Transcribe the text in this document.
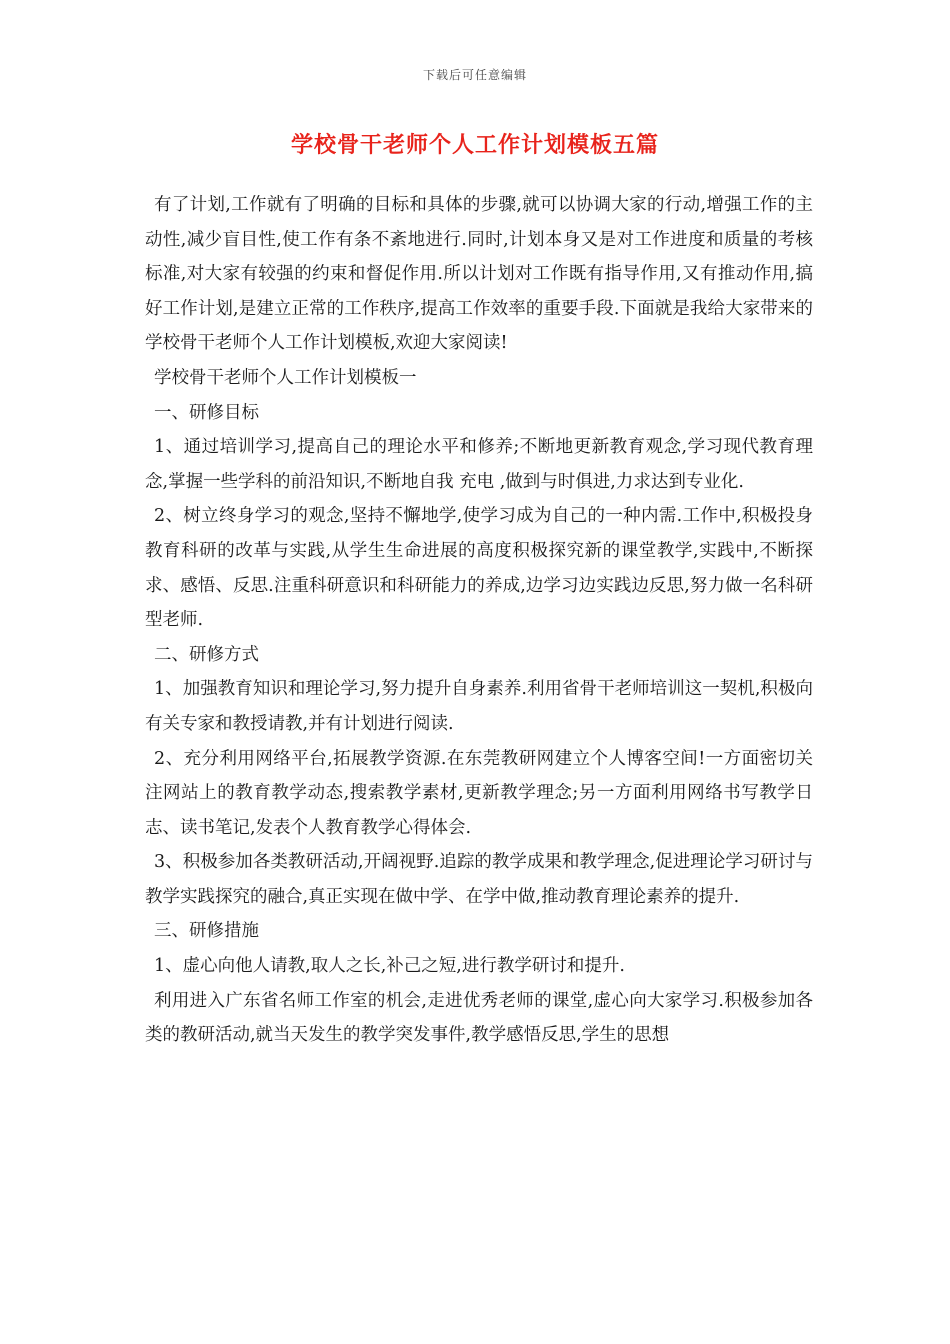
下载后可任意编辑
学校骨干老师个人工作计划模板五篇

有了计划,工作就有了明确的目标和具体的步骤,就可以协调大家的行动,增强工作的主动性,减少盲目性,使工作有条不紊地进行.同时,计划本身又是对工作进度和质量的考核标准,对大家有较强的约束和督促作用.所以计划对工作既有指导作用,又有推动作用,搞好工作计划,是建立正常的工作秩序,提高工作效率的重要手段.下面就是我给大家带来的学校骨干老师个人工作计划模板,欢迎大家阅读!

学校骨干老师个人工作计划模板一

一、研修目标

1、通过培训学习,提高自己的理论水平和修养;不断地更新教育观念,学习现代教育理念,掌握一些学科的前沿知识,不断地自我 充电 ,做到与时俱进,力求达到专业化.

2、树立终身学习的观念,坚持不懈地学,使学习成为自己的一种内需.工作中,积极投身教育科研的改革与实践,从学生生命进展的高度积极探究新的课堂教学,实践中,不断探求、感悟、反思.注重科研意识和科研能力的养成,边学习边实践边反思,努力做一名科研型老师.

二、研修方式

1、加强教育知识和理论学习,努力提升自身素养.利用省骨干老师培训这一契机,积极向有关专家和教授请教,并有计划进行阅读.

2、充分利用网络平台,拓展教学资源.在东莞教研网建立个人博客空间!一方面密切关注网站上的教育教学动态,搜索教学素材,更新教学理念;另一方面利用网络书写教学日志、读书笔记,发表个人教育教学心得体会.

3、积极参加各类教研活动,开阔视野.追踪的教学成果和教学理念,促进理论学习研讨与教学实践探究的融合,真正实现在做中学、在学中做,推动教育理论素养的提升.

三、研修措施

1、虚心向他人请教,取人之长,补己之短,进行教学研讨和提升.

利用进入广东省名师工作室的机会,走进优秀老师的课堂,虚心向大家学习.积极参加各类的教研活动,就当天发生的教学突发事件,教学感悟反思,学生的思想
